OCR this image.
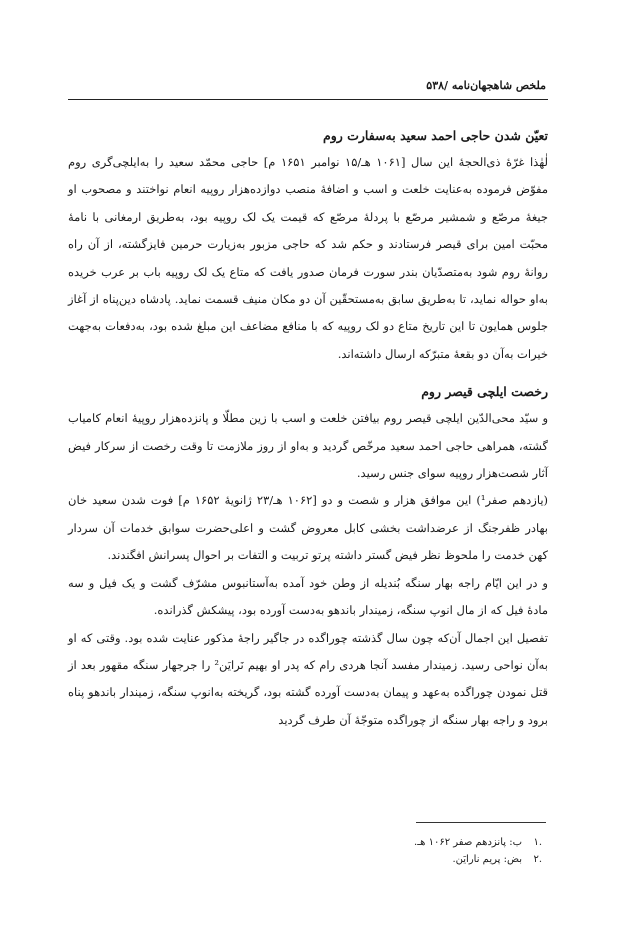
ملخص شاهجهان‌نامه /۵۳۸
تعیّن شدن حاجی احمد سعید به‌سفارت روم

لٰهٰذا غرّهٔ ذی‌الحجهٔ این سال [۱۰۶۱ هـ/۱۵ نوامبر ۱۶۵۱ م] حاجی محمّد سعید را به‌ایلچی‌گری روم مفوّض فرموده به‌عنایت خلعت و اسب و اضافهٔ منصب دوازده‌هزار روپیه انعام نواختند و مصحوب او جیغهٔ مرصّع و شمشیر مرصّع با پردلهٔ مرصّع که قیمت یک لک روپیه بود، به‌طریق ارمغانی با نامهٔ محبّت امین برای قیصر فرستادند و حکم شد که حاجی مزبور به‌زیارت حرمین فایزگشته، از آن راه روانهٔ روم شود به‌متصدّیان بندر سورت فرمان صدور یافت که متاع یک لک روپیه باب بر عرب خریده به‌او حواله نماید، تا به‌طریق سابق به‌مستحقّین آن دو مکان منیف قسمت نماید. پادشاه دین‌پناه از آغاز جلوس همایون تا این تاریخ متاع دو لک روپیه که با منافع مضاعف این مبلغ شده بود، به‌دفعات به‌جهت خیرات به‌آن دو بقعهٔ متبرّکه ارسال داشته‌اند.

رخصت ایلچی قیصر روم

و سیّد محی‌الدّین ایلچی قیصر روم بیافتن خلعت و اسب با زین مطلّا و پانزده‌هزار روپیهٔ انعام کامیاب گشته، همراهی حاجی احمد سعید مرخّص گردید و به‌او از روز ملازمت تا وقت رخصت از سرکار فیض آثار شصت‌هزار روپیه سوای جنس رسید.

(یازدهم صفر¹) این موافق هزار و شصت و دو [۱۰۶۲ هـ/۲۳ ژانویهٔ ۱۶۵۲ م] فوت شدن سعید خان بهادر ظفرجنگ از عرضداشت بخشی کابل معروض گشت و اعلی‌حضرت سوابق خدمات آن سردار کهن خدمت را ملحوظ نظر فیض گستر داشته پرتو تربیت و التفات بر احوال پسرانش افگندند.

و در این ایّام راجه بهار سنگه بُندیله از وطن خود آمده به‌آستانبوس مشرّف گشت و یک فیل و سه مادهٔ فیل که از مال انوپ سنگه، زمیندار باندهو به‌دست آورده بود، پیشکش گذرانده.

تفصیل این اجمال آن‌که چون سال گذشته چوراگده در جاگیر راجهٔ مذکور عنایت شده بود. وقتی که او به‌آن نواحی رسید. زمیندار مفسد آنجا هردی رام که پدر او بهیم نَرایَن² را جرجهار سنگه مقهور بعد از قتل نمودن چوراگده به‌عهد و پیمان به‌دست آورده گشته بود، گریخته به‌انوپ سنگه، زمیندار باندهو پناه برود و راجه بهار سنگه از چوراگده متوجّهٔ آن طرف گردید

.۱
ب: پانزدهم صفر ۱۰۶۲ هـ.
.۲
بض: پریم نارایَن.
